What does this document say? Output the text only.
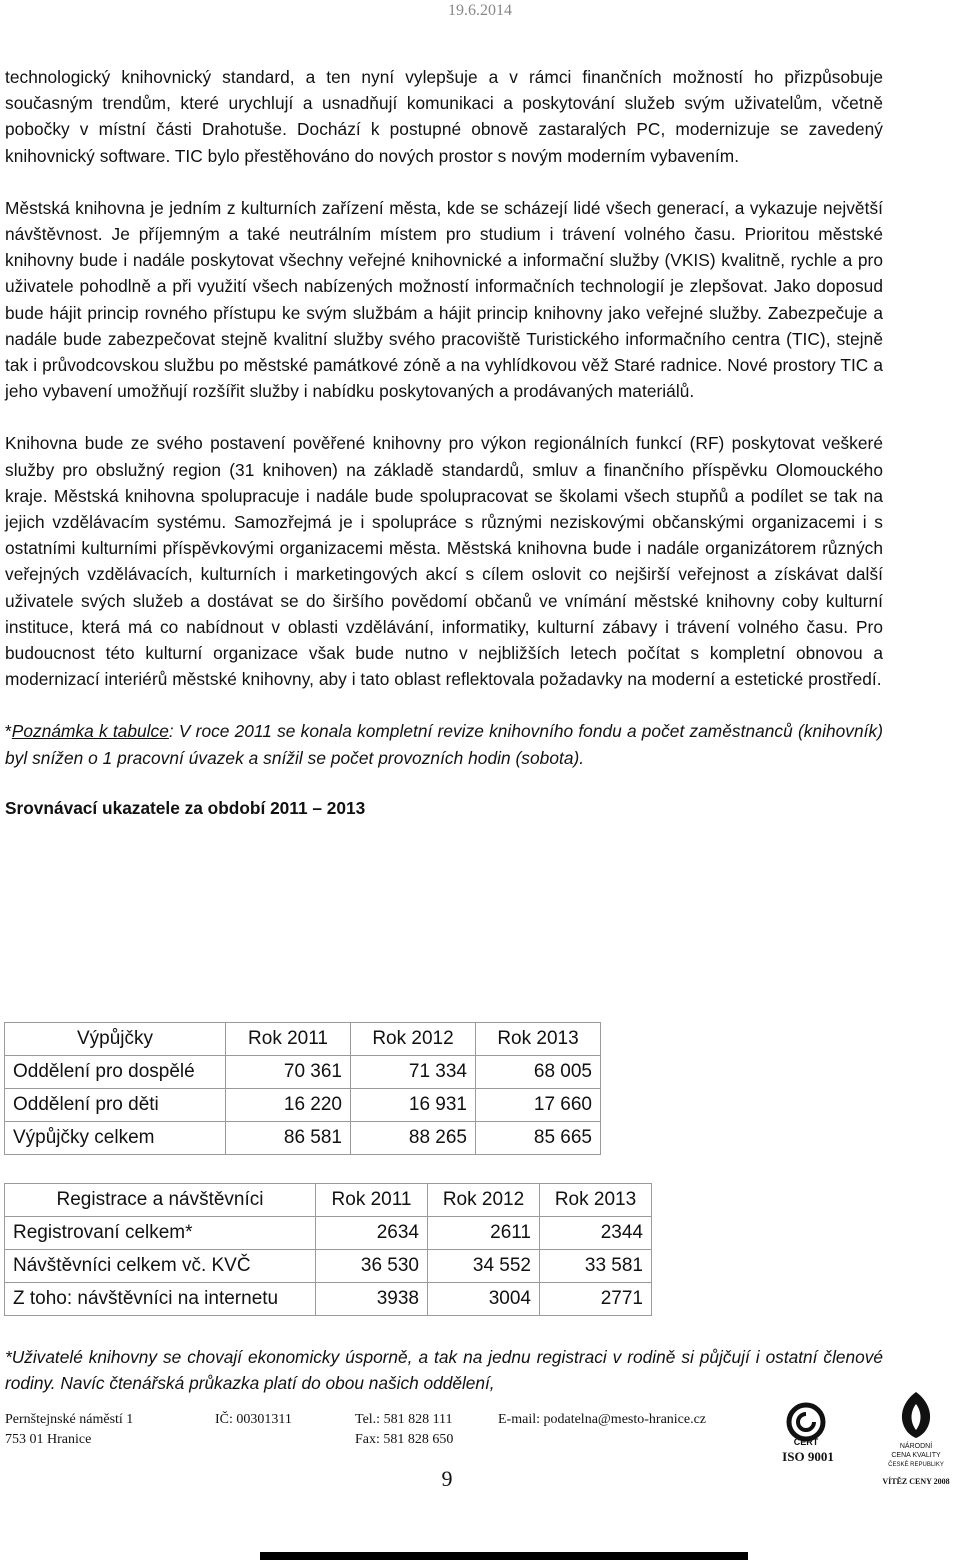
19.6.2014

technologický knihovnický standard, a ten nyní vylepšuje a v rámci finančních možností ho přizpůsobuje současným trendům, které urychlují a usnadňují komunikaci a poskytování služeb svým uživatelům, včetně pobočky v místní části Drahotuše. Dochází k postupné obnově zastaralých PC, modernizuje se zavedený knihovnický software. TIC bylo přestěhováno do nových prostor s novým moderním vybavením.

Městská knihovna je jedním z kulturních zařízení města, kde se scházejí lidé všech generací, a vykazuje největší návštěvnost. Je příjemným a také neutrálním místem pro studium i trávení volného času. Prioritou městské knihovny bude i nadále poskytovat všechny veřejné knihovnické a informační služby (VKIS) kvalitně, rychle a pro uživatele pohodlně a při využití všech nabízených možností informačních technologií je zlepšovat. Jako doposud bude hájit princip rovného přístupu ke svým službám a hájit princip knihovny jako veřejné služby. Zabezpečuje a nadále bude zabezpečovat stejně kvalitní služby svého pracoviště Turistického informačního centra (TIC), stejně tak i průvodcovskou službu po městské památkové zóně a na vyhlídkovou věž Staré radnice. Nové prostory TIC a jeho vybavení umožňují rozšířit služby i nabídku poskytovaných a prodávaných materiálů.

Knihovna bude ze svého postavení pověřené knihovny pro výkon regionálních funkcí (RF) poskytovat veškeré služby pro obslužný region (31 knihoven) na základě standardů, smluv a finančního příspěvku Olomouckého kraje. Městská knihovna spolupracuje i nadále bude spolupracovat se školami všech stupňů a podílet se tak na jejich vzdělávacím systému. Samozřejmá je i spolupráce s různými neziskovými občanskými organizacemi i s ostatními kulturními příspěvkovými organizacemi města. Městská knihovna bude i nadále organizátorem různých veřejných vzdělávacích, kulturních i marketingových akcí s cílem oslovit co nejširší veřejnost a získávat další uživatele svých služeb a dostávat se do širšího povědomí občanů ve vnímání městské knihovny coby kulturní instituce, která má co nabídnout v oblasti vzdělávání, informatiky, kulturní zábavy i trávení volného času. Pro budoucnost této kulturní organizace však bude nutno v nejbližších letech počítat s kompletní obnovou a modernizací interiérů městské knihovny, aby i tato oblast reflektovala požadavky na moderní a estetické prostředí.

*Poznámka k tabulce: V roce 2011 se konala kompletní revize knihovního fondu a počet zaměstnanců (knihovník) byl snížen o 1 pracovní úvazek a snížil se počet provozních hodin (sobota).

Srovnávací ukazatele za období 2011 – 2013
Výpůjčky	Rok 2011	Rok 2012	Rok 2013
Oddělení pro dospělé	70 361	71 334	68 005
Oddělení pro děti	16 220	16 931	17 660
Výpůjčky celkem	86 581	88 265	85 665
Registrace a návštěvníci	Rok 2011	Rok 2012	Rok 2013
Registrovaní celkem*	2634	2611	2344
Návštěvníci celkem vč. KVČ	36 530	34 552	33 581
Z toho: návštěvníci na internetu	3938	3004	2771
*Uživatelé knihovny se chovají ekonomicky úsporně, a tak na jednu registraci v rodině si půjčují i ostatní členové rodiny. Navíc čtenářská průkazka platí do obou našich oddělení,
Pernštejnské náměstí 1
753 01 Hranice
IČ: 00301311	Tel.: 581 828 111
Fax: 581 828 650
E-mail: podatelna@mesto-hranice.cz
9
CERT
ISO 9001
NÁRODNÍ
CENA KVALITY
ČESKÉ REPUBLIKY
VÍTĚZ CENY 2008
